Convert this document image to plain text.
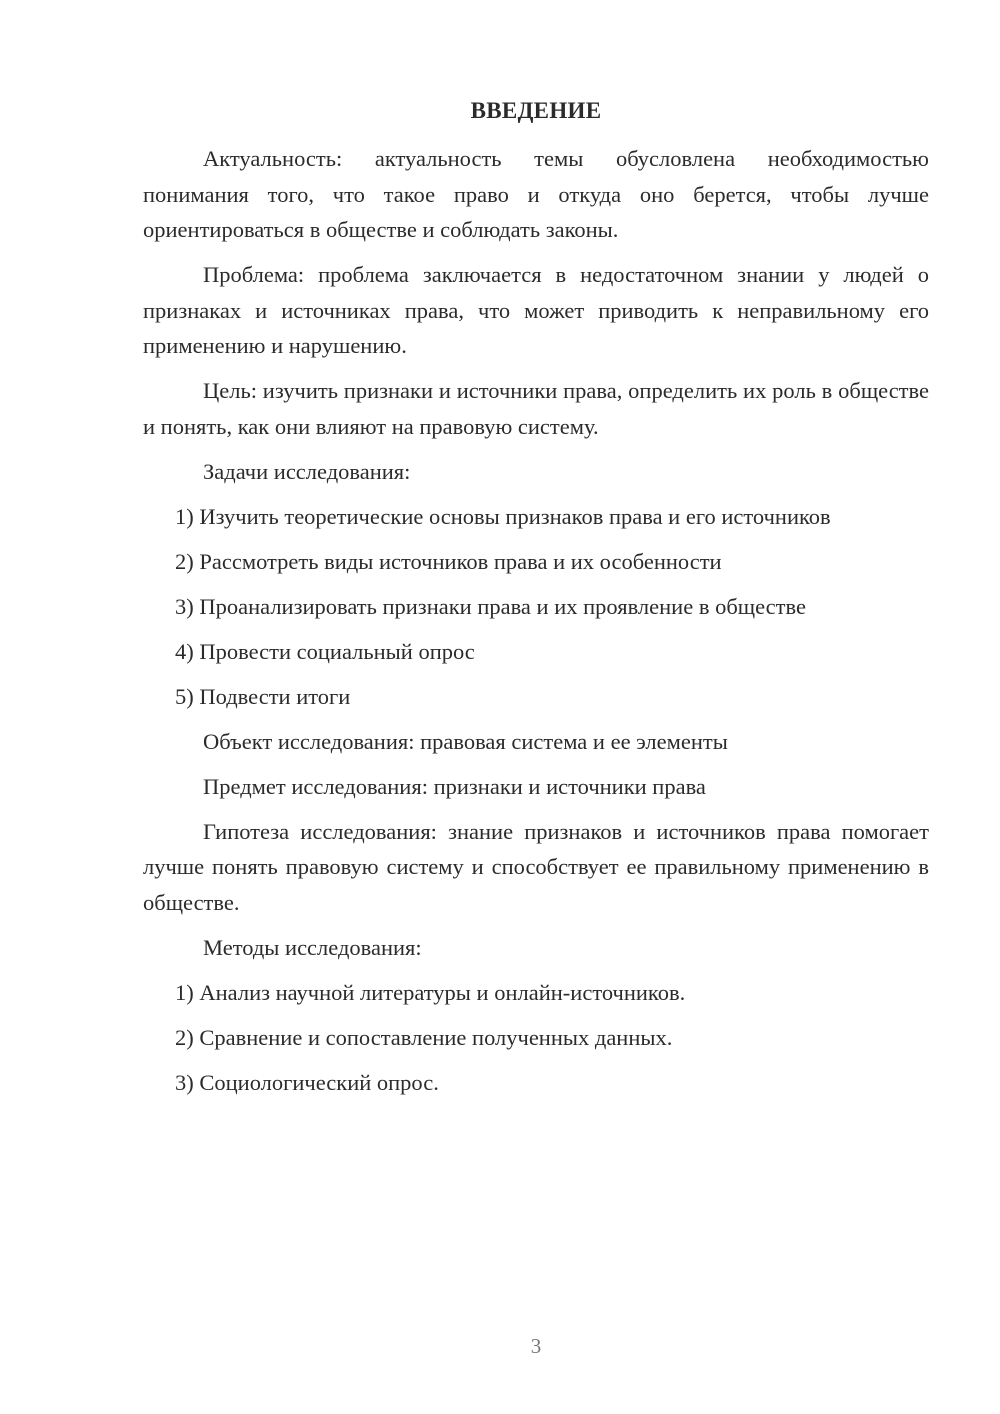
ВВЕДЕНИЕ

Актуальность: актуальность темы обусловлена необходимостью понимания того, что такое право и откуда оно берется, чтобы лучше ориентироваться в обществе и соблюдать законы.

Проблема: проблема заключается в недостаточном знании у людей о признаках и источниках права, что может приводить к неправильному его применению и нарушению.

Цель: изучить признаки и источники права, определить их роль в обществе и понять, как они влияют на правовую систему.

Задачи исследования:

1) Изучить теоретические основы признаков права и его источников

2) Рассмотреть виды источников права и их особенности

3) Проанализировать признаки права и их проявление в обществе

4) Провести социальный опрос

5) Подвести итоги

Объект исследования: правовая система и ее элементы

Предмет исследования: признаки и источники права

Гипотеза исследования: знание признаков и источников права помогает лучше понять правовую систему и способствует ее правильному применению в обществе.

Методы исследования:

1) Анализ научной литературы и онлайн-источников.

2) Сравнение и сопоставление полученных данных.

3) Социологический опрос.

3
